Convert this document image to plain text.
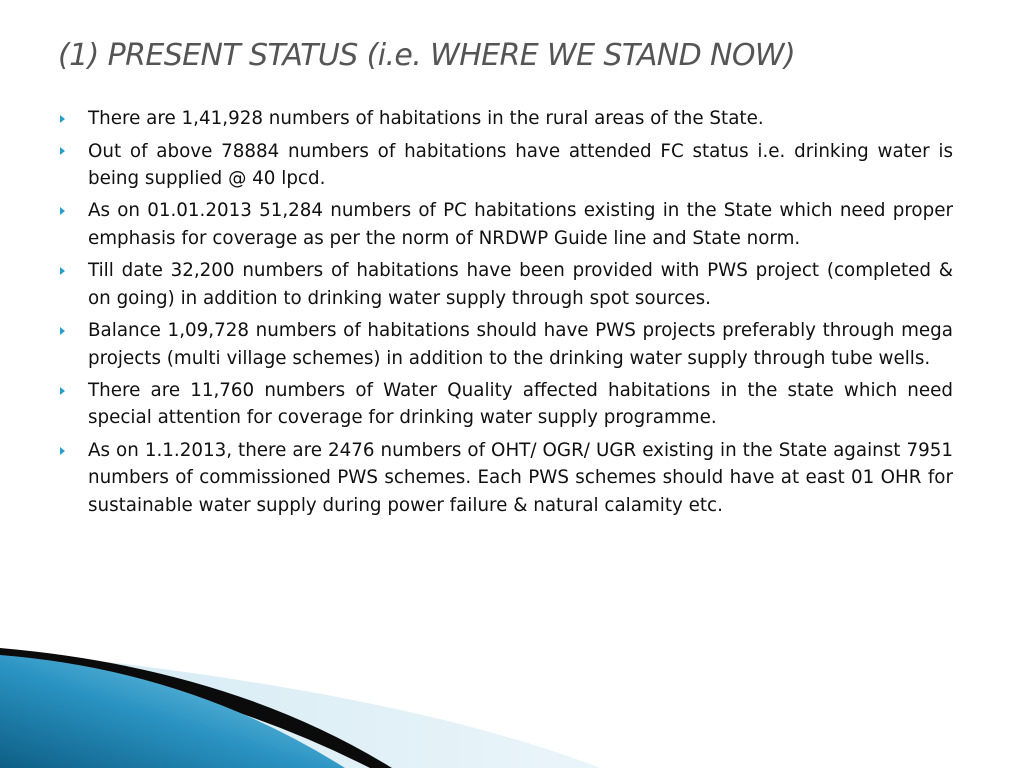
(1) PRESENT STATUS (i.e. WHERE WE STAND NOW)
There are 1,41,928 numbers of habitations in the rural areas of the State.
Out of above 78884 numbers of habitations have attended FC status i.e. drinking water is being supplied @ 40 lpcd.
As on 01.01.2013 51,284 numbers of PC habitations existing in the State which need proper emphasis for coverage as per the norm of NRDWP Guide line and State norm.
Till date 32,200 numbers of habitations have been provided with PWS project (completed & on going) in addition to drinking water supply through spot sources.
Balance 1,09,728 numbers of habitations should have PWS projects preferably through mega projects (multi village schemes) in addition to the drinking water supply through tube wells.
There are 11,760 numbers of Water Quality affected habitations in the state which need special attention for coverage for drinking water supply programme.
As on 1.1.2013, there are 2476 numbers of OHT/ OGR/ UGR existing in the State against 7951 numbers of commissioned PWS schemes. Each PWS schemes should have at east 01 OHR for sustainable water supply during power failure & natural calamity etc.
